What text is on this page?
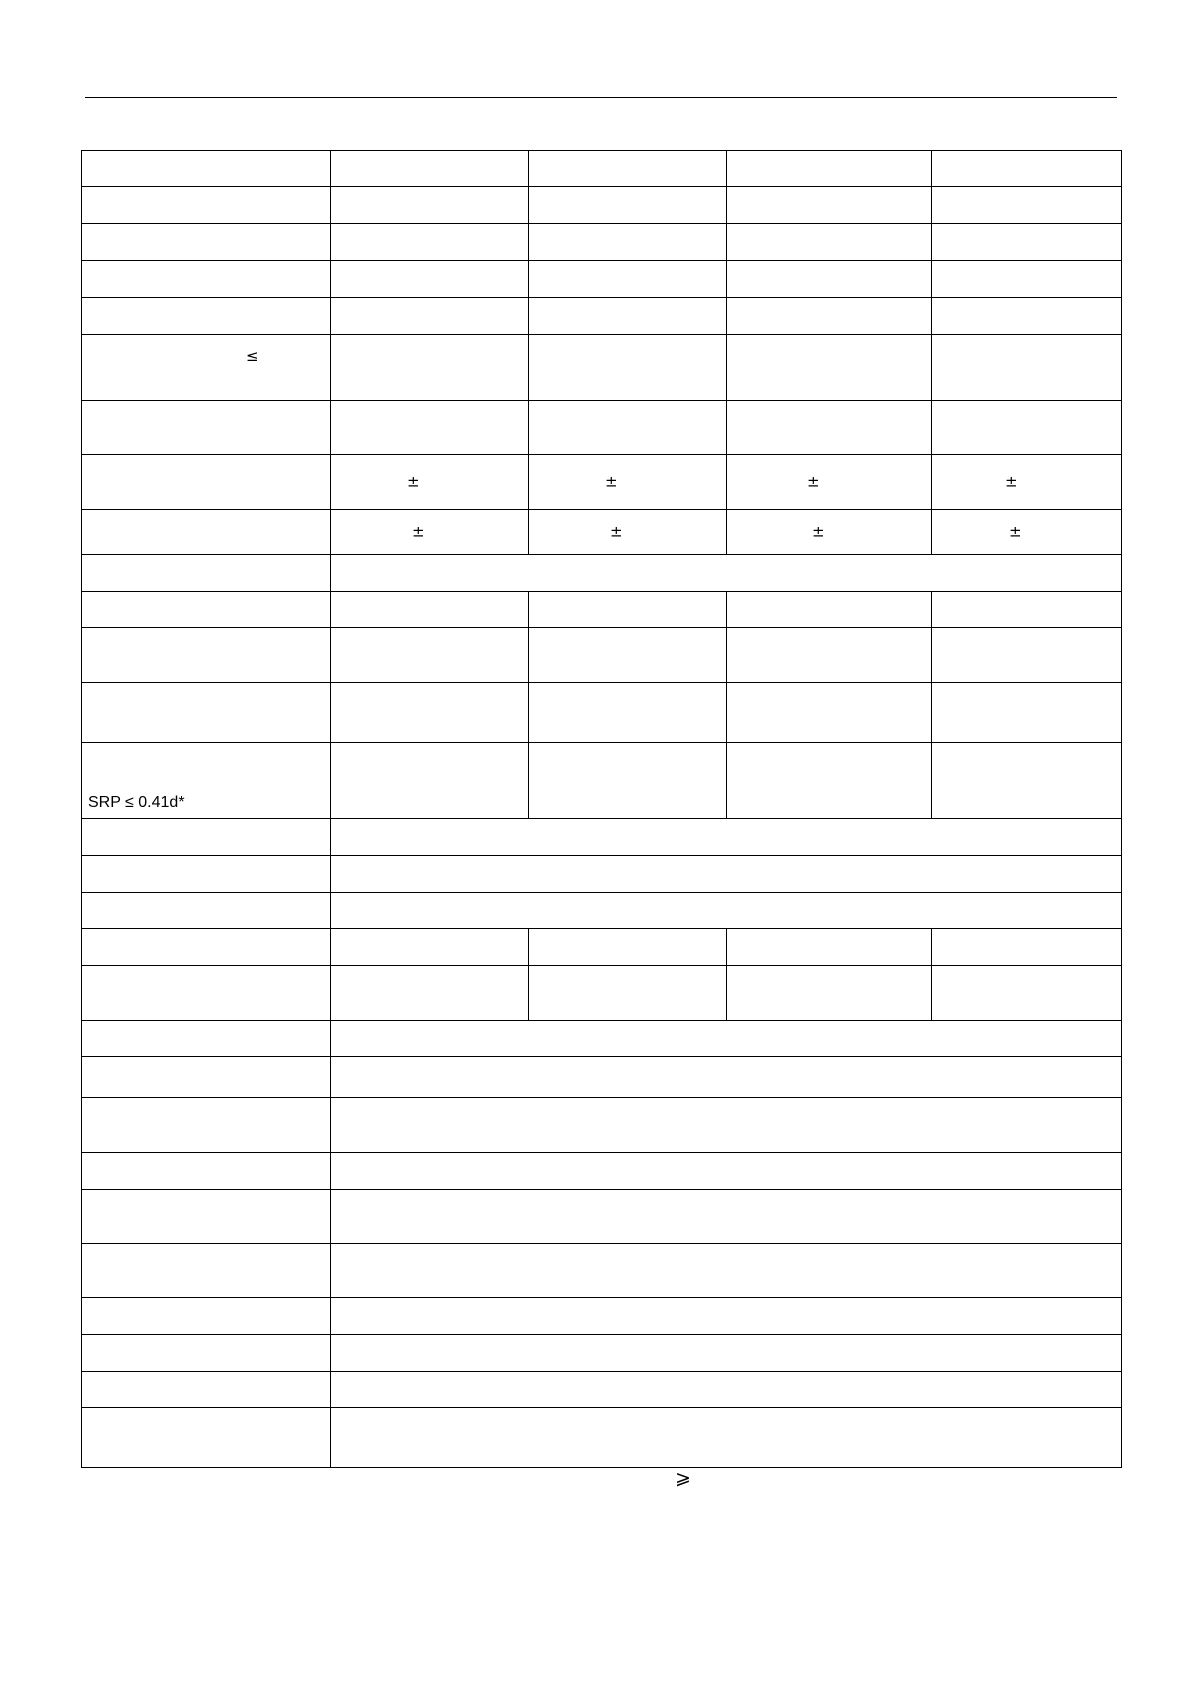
≤				

	±	±	±	±

	±	±	±	±

SRP ≤ 0.41d*				

⩾
